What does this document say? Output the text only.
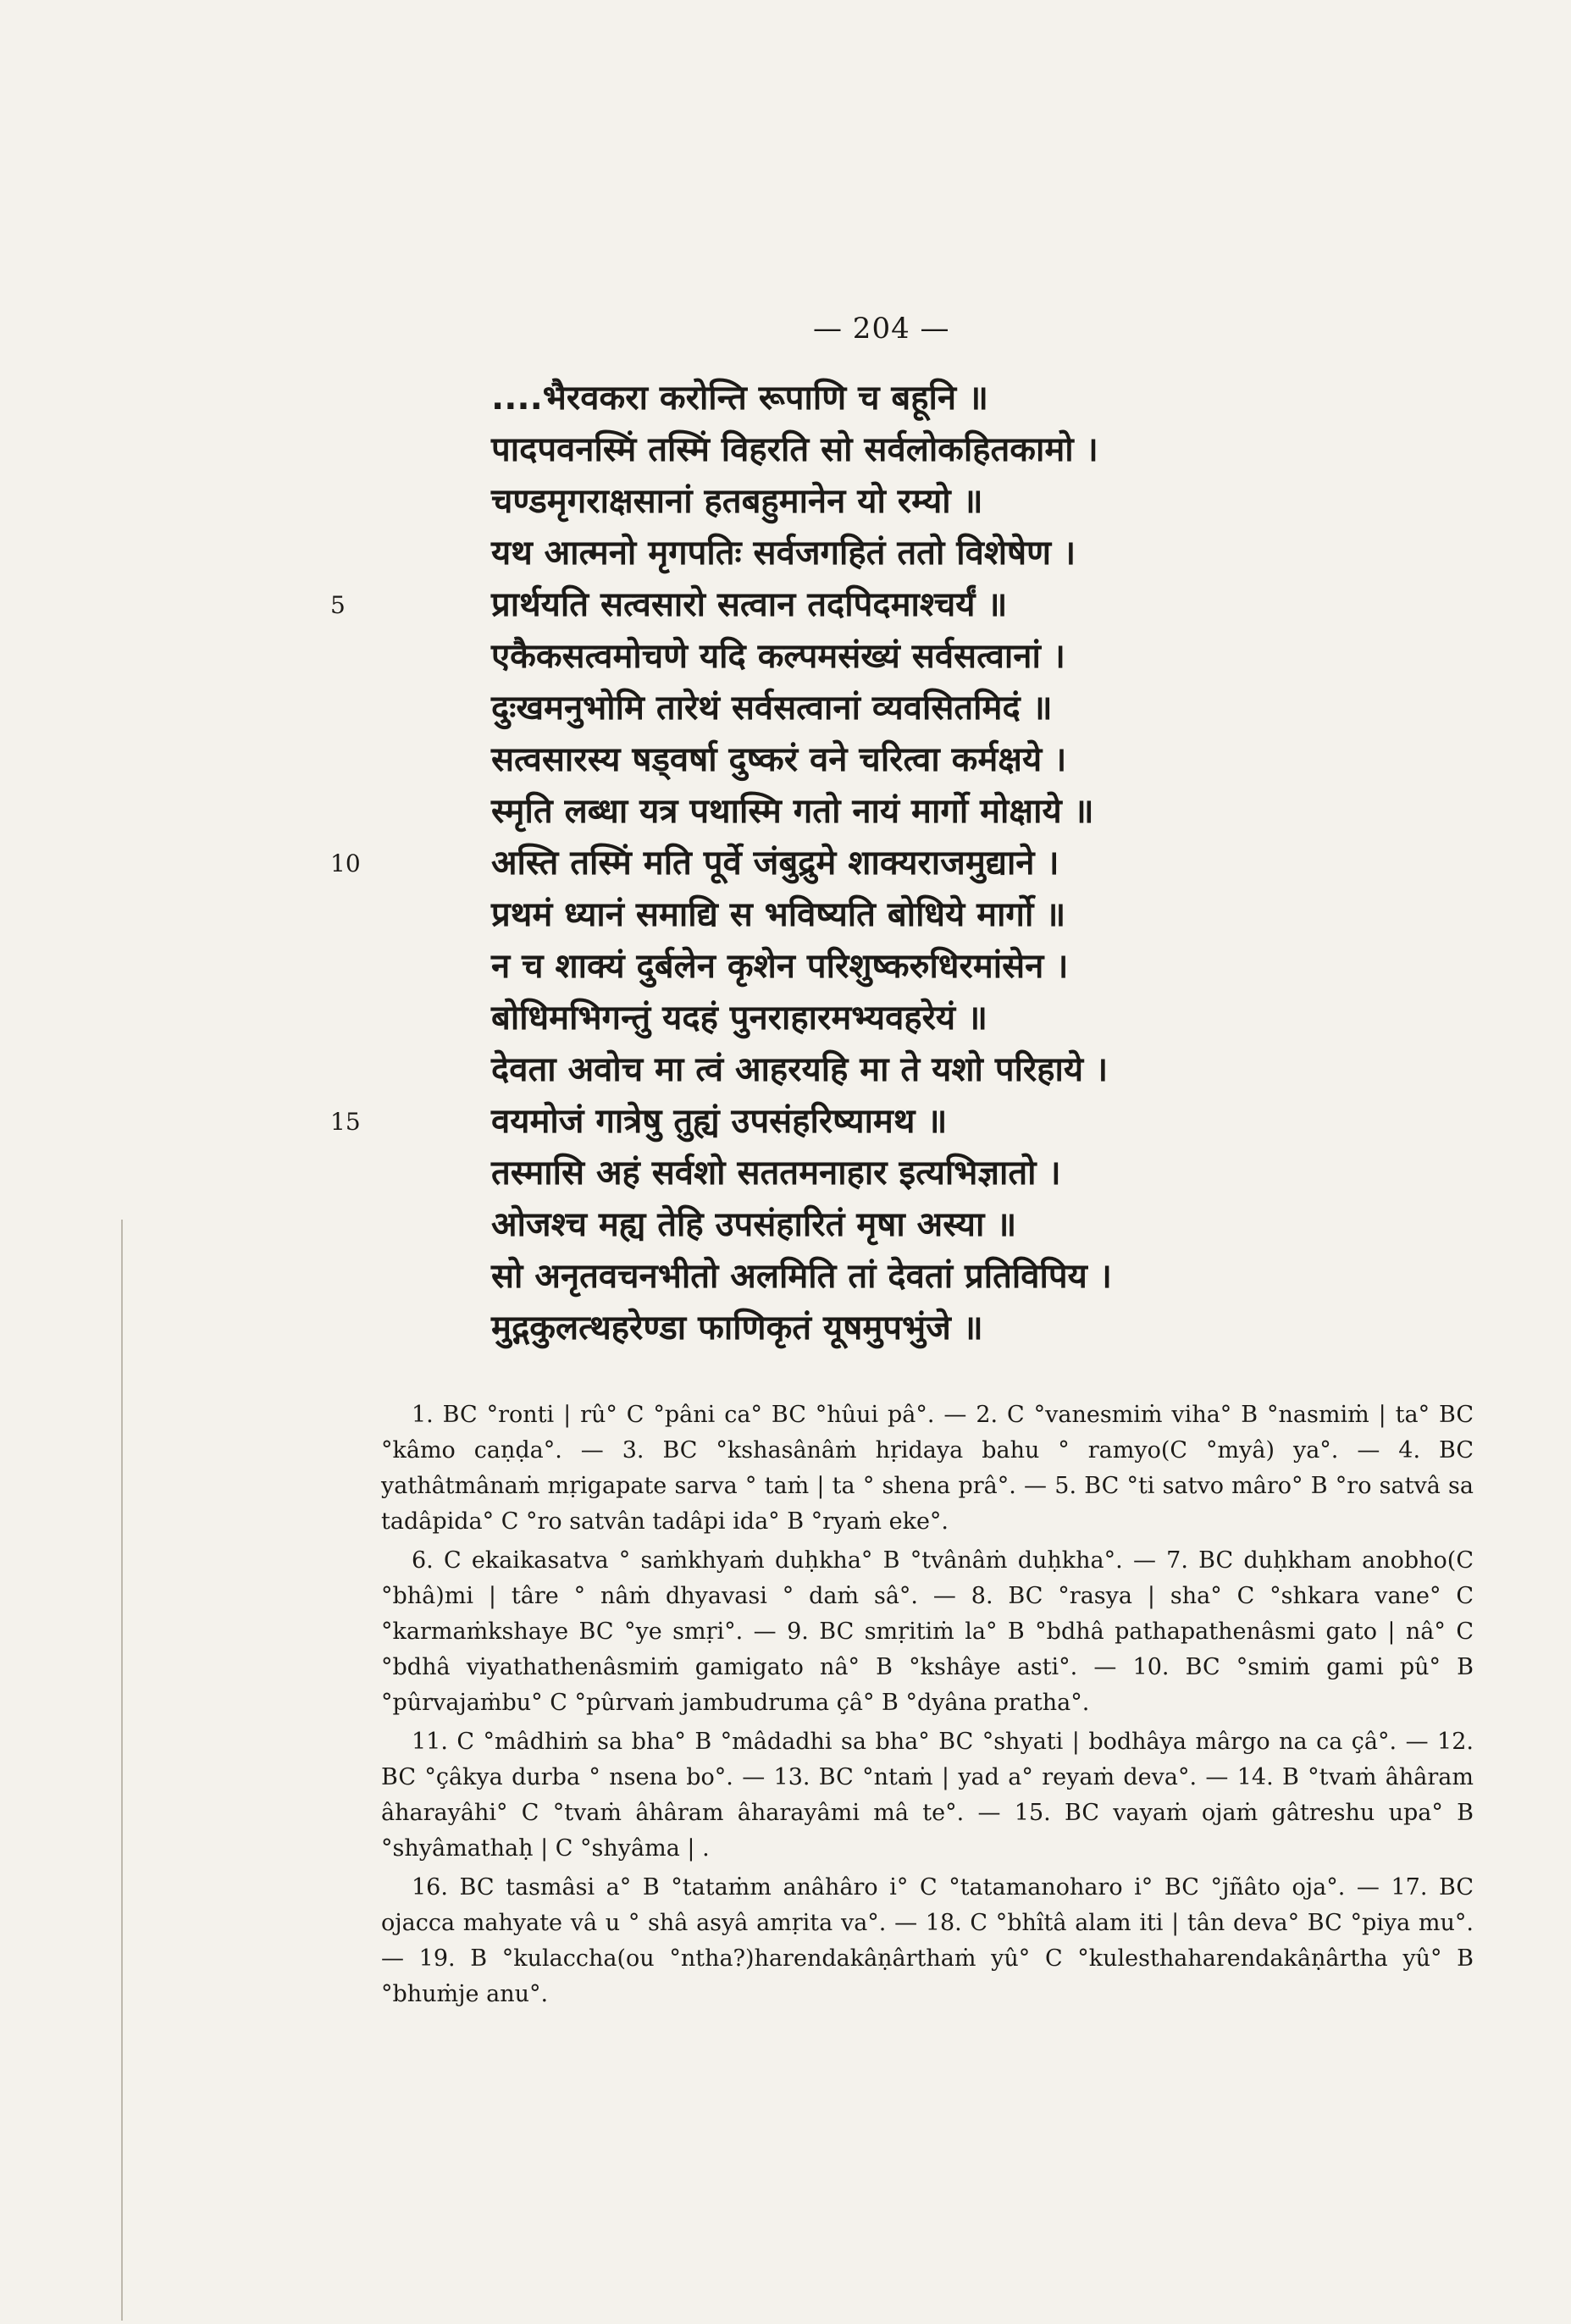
— 204 —
5
10
15
....भैरवकरा करोन्ति रूपाणि च बहूनि ॥
पादपवनस्मिं तस्मिं विहरति सो सर्वलोकहितकामो ।
चण्डमृगराक्षसानां हतबहुमानेन यो रम्यो ॥
यथ आत्मनो मृगपतिः सर्वजगहितं ततो विशेषेण ।
प्रार्थयति सत्वसारो सत्वान तदपिदमाश्चर्यं ॥
एकैकसत्वमोचणे यदि कल्पमसंख्यं सर्वसत्वानां ।
दुःखमनुभोमि तारेथं सर्वसत्वानां व्यवसितमिदं ॥
सत्वसारस्य षड्वर्षा दुष्करं वने चरित्वा कर्मक्षये ।
स्मृति लब्धा यत्र पथास्मि गतो नायं मार्गो मोक्षाये ॥
अस्ति तस्मिं मति पूर्वे जंबुद्रुमे शाक्यराजमुद्याने ।
प्रथमं ध्यानं समाद्यि स भविष्यति बोधिये मार्गो ॥
न च शाक्यं दुर्बलेन कृशेन परिशुष्करुधिरमांसेन ।
बोधिमभिगन्तुं यदहं पुनराहारमभ्यवहरेयं ॥
देवता अवोच मा त्वं आहरयहि मा ते यशो परिहाये ।
वयमोजं गात्रेषु तुह्यं उपसंहरिष्यामथ ॥
तस्मासि अहं सर्वशो सततमनाहार इत्यभिज्ञातो ।
ओजश्च मह्य तेहि उपसंहारितं मृषा अस्या ॥
सो अनृतवचनभीतो अलमिति तां देवतां प्रतिविपिय ।
मुद्गकुलत्थहरेण्डा फाणिकृतं यूषमुपभुंजे ॥

1. BC °ronti | rû° C °pâni ca° BC °hûui pâ°. — 2. C °vanesmiṁ viha° B °nasmiṁ | ta° BC °kâmo caṇḍa°. — 3. BC °kshasânâṁ hṛidaya bahu ° ramyo(C °myâ) ya°. — 4. BC yathâtmânaṁ mṛigapate sarva ° taṁ | ta ° shena prâ°. — 5. BC °ti satvo mâro° B °ro satvâ sa tadâpida° C °ro satvân tadâpi ida° B °ryaṁ eke°.

6. C ekaikasatva ° saṁkhyaṁ duḥkha° B °tvânâṁ duḥkha°. — 7. BC duḥkham anobho(C °bhâ)mi | târe ° nâṁ dhyavasi ° daṁ sâ°. — 8. BC °rasya | sha° C °shkara vane° C °karmaṁkshaye BC °ye smṛi°. — 9. BC smṛitiṁ la° B °bdhâ pathapathenâsmi gato | nâ° C °bdhâ viyathathenâsmiṁ gamigato nâ° B °kshâye asti°. — 10. BC °smiṁ gami pû° B °pûrvajaṁbu° C °pûrvaṁ jambudruma çâ° B °dyâna pratha°.

11. C °mâdhiṁ sa bha° B °mâdadhi sa bha° BC °shyati | bodhâya mârgo na ca çâ°. — 12. BC °çâkya durba ° nsena bo°. — 13. BC °ntaṁ | yad a° reyaṁ deva°. — 14. B °tvaṁ âhâram âharayâhi° C °tvaṁ âhâram âharayâmi mâ te°. — 15. BC vayaṁ ojaṁ gâtreshu upa° B °shyâmathaḥ | C °shyâma | .

16. BC tasmâsi a° B °tataṁm anâhâro i° C °tatamanoharo i° BC °jñâto oja°. — 17. BC ojacca mahyate vâ u ° shâ asyâ amṛita va°. — 18. C °bhîtâ alam iti | tân deva° BC °piya mu°. — 19. B °kulaccha(ou °ntha?)harendakâṇârthaṁ yû° C °kulesthaharendakâṇârtha yû° B °bhuṁje anu°.
